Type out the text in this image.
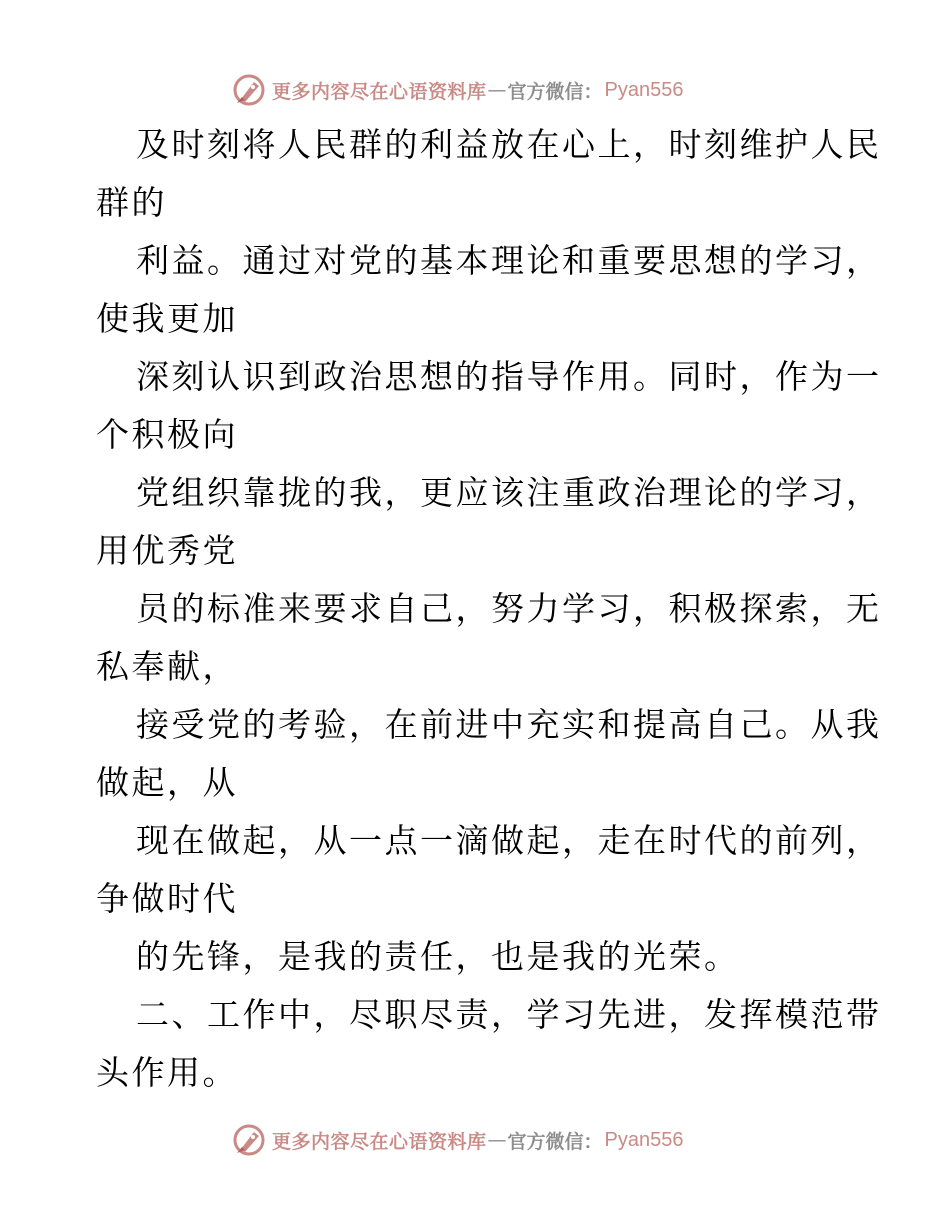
更多内容尽在心语资料库 — 官方微信： Pyan556

及时刻将人民群的利益放在心上，时刻维护人民

群的

利益。通过对党的基本理论和重要思想的学习，

使我更加

深刻认识到政治思想的指导作用。同时，作为一

个积极向

党组织靠拢的我，更应该注重政治理论的学习，

用优秀党

员的标准来要求自己，努力学习，积极探索，无

私奉献，

接受党的考验，在前进中充实和提高自己。从我

做起，从

现在做起，从一点一滴做起，走在时代的前列，

争做时代

的先锋，是我的责任，也是我的光荣。

二、工作中，尽职尽责，学习先进，发挥模范带

头作用。

更多内容尽在心语资料库 — 官方微信： Pyan556
